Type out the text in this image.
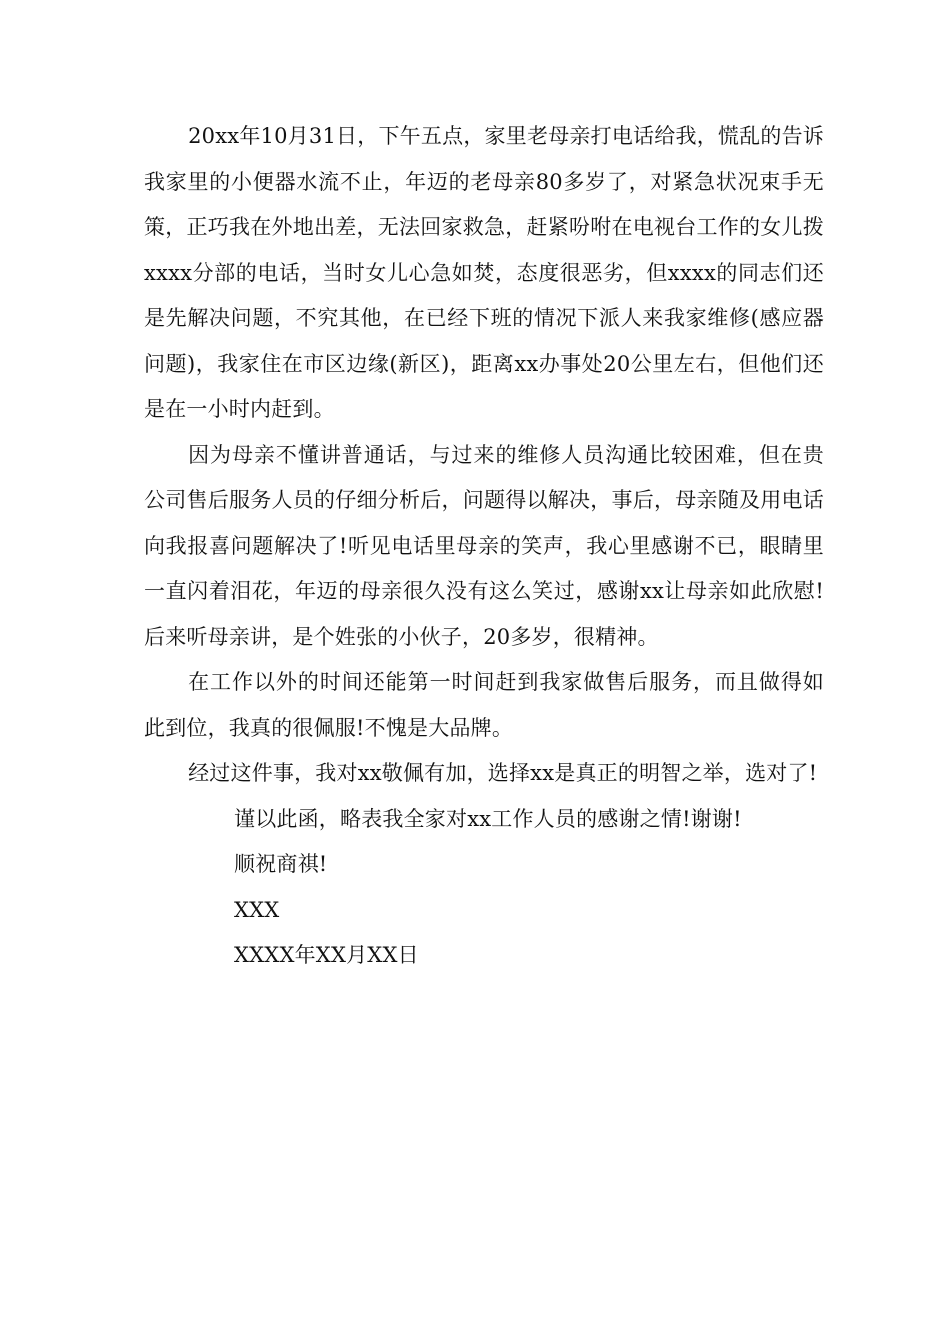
20xx年10月31日，下午五点，家里老母亲打电话给我，慌乱的告诉我家里的小便器水流不止，年迈的老母亲80多岁了，对紧急状况束手无策，正巧我在外地出差，无法回家救急，赶紧吩咐在电视台工作的女儿拨xxxx分部的电话，当时女儿心急如焚，态度很恶劣，但xxxx的同志们还是先解决问题，不究其他，在已经下班的情况下派人来我家维修(感应器问题)，我家住在市区边缘(新区)，距离xx办事处20公里左右，但他们还是在一小时内赶到。

因为母亲不懂讲普通话，与过来的维修人员沟通比较困难，但在贵公司售后服务人员的仔细分析后，问题得以解决，事后，母亲随及用电话向我报喜问题解决了!听见电话里母亲的笑声，我心里感谢不已，眼睛里一直闪着泪花，年迈的母亲很久没有这么笑过，感谢xx让母亲如此欣慰!后来听母亲讲，是个姓张的小伙子，20多岁，很精神。

在工作以外的时间还能第一时间赶到我家做售后服务，而且做得如此到位，我真的很佩服!不愧是大品牌。

经过这件事，我对xx敬佩有加，选择xx是真正的明智之举，选对了!

谨以此函，略表我全家对xx工作人员的感谢之情!谢谢!

顺祝商祺!

XXX

XXXX年XX月XX日
